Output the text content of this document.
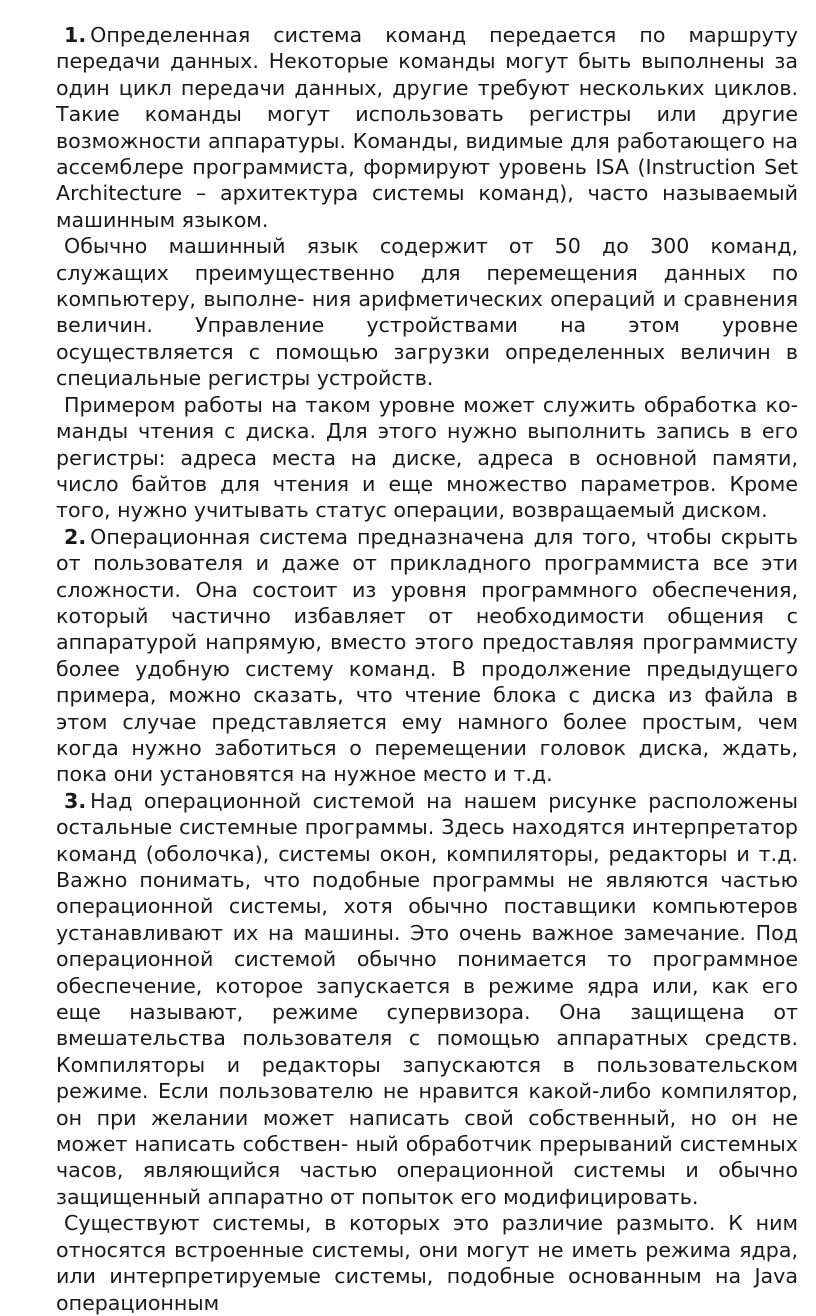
1. Определенная система команд передается по маршруту передачи данных. Некоторые команды могут быть выполнены за один цикл передачи данных, другие требуют нескольких циклов. Такие команды могут использовать регистры или другие возможности аппаратуры. Команды, видимые для работающего на ассемблере программиста, формируют уровень ISA (Instruction Set Architecture – архитектура системы команд), часто называемый машинным языком.

Обычно машинный язык содержит от 50 до 300 команд, служащих преимущественно для перемещения данных по компьютеру, выполне- ния арифметических операций и сравнения величин. Управление устройствами на этом уровне осуществляется с помощью загрузки определенных величин в специальные регистры устройств.

Примером работы на таком уровне может служить обработка команды чтения с диска. Для этого нужно выполнить запись в его регистры: адреса места на диске, адреса в основной памяти, число байтов для чтения и еще множество параметров. Кроме того, нужно учитывать статус операции, возвращаемый диском.

2. Операционная система предназначена для того, чтобы скрыть от пользователя и даже от прикладного программиста все эти сложности. Она состоит из уровня программного обеспечения, который частично избавляет от необходимости общения с аппаратурой напрямую, вместо этого предоставляя программисту более удобную систему команд. В продолжение предыдущего примера, можно сказать, что чтение блока с диска из файла в этом случае представляется ему намного более простым, чем когда нужно заботиться о перемещении головок диска, ждать, пока они установятся на нужное место и т.д.

3. Над операционной системой на нашем рисунке расположены остальные системные программы. Здесь находятся интерпретатор команд (оболочка), системы окон, компиляторы, редакторы и т.д. Важно понимать, что подобные программы не являются частью операционной системы, хотя обычно поставщики компьютеров устанавливают их на машины. Это очень важное замечание. Под операционной системой обычно понимается то программное обеспечение, которое запускается в режиме ядра или, как его еще называют, режиме супервизора. Она защищена от вмешательства пользователя с помощью аппаратных средств. Компиляторы и редакторы запускаются в пользовательском режиме. Если пользователю не нравится какой-либо компилятор, он при желании может написать свой собственный, но он не может написать собствен- ный обработчик прерываний системных часов, являющийся частью операционной системы и обычно защищенный аппаратно от попыток его модифицировать.

Существуют системы, в которых это различие размыто. К ним относятся встроенные системы, они могут не иметь режима ядра, или интерпретируемые системы, подобные основанным на Java операционным
